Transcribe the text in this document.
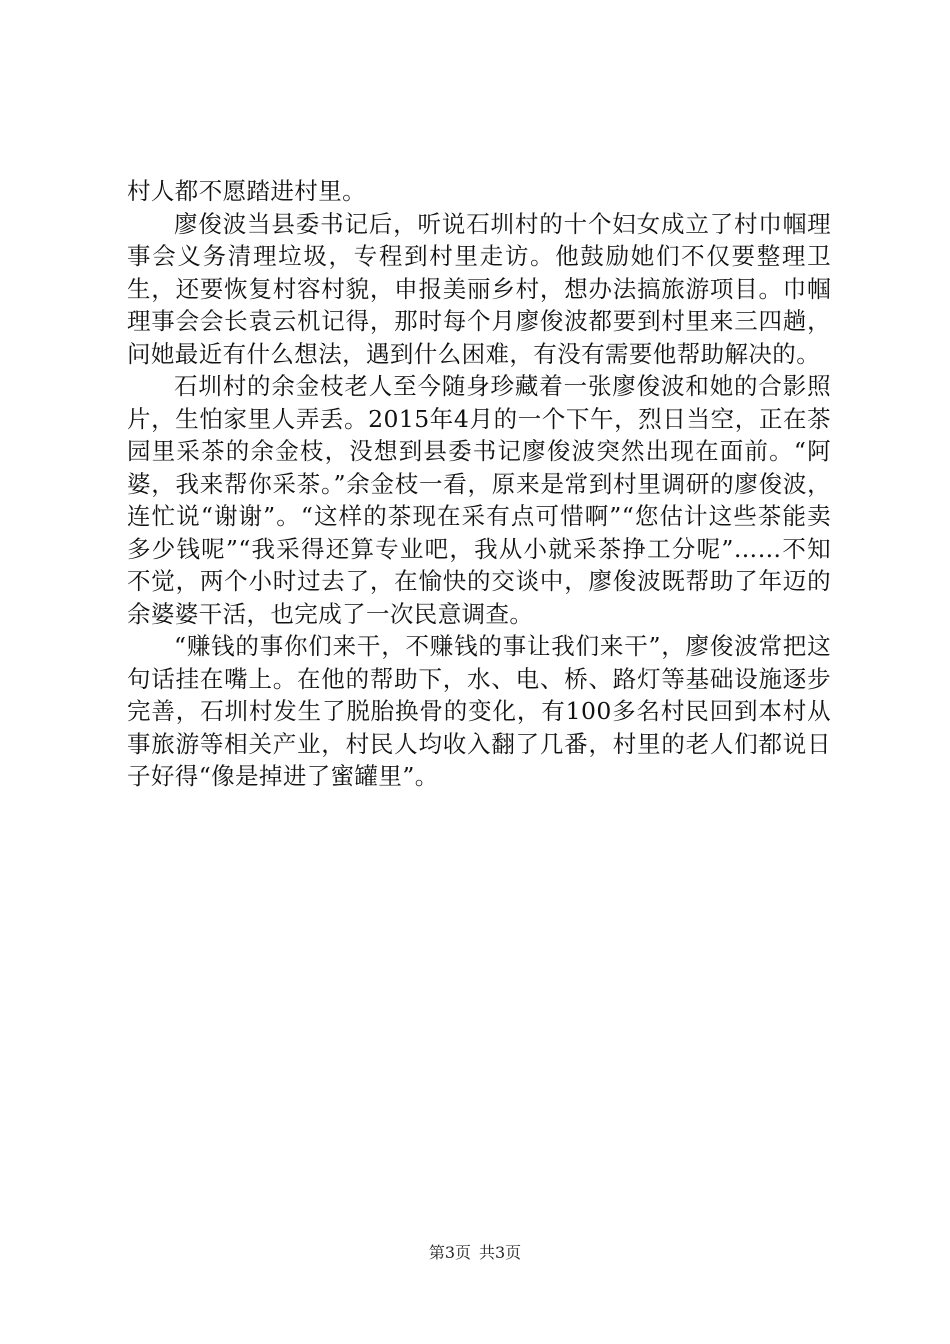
村人都不愿踏进村里。

廖俊波当县委书记后，听说石圳村的十个妇女成立了村巾帼理事会义务清理垃圾，专程到村里走访。他鼓励她们不仅要整理卫生，还要恢复村容村貌，申报美丽乡村，想办法搞旅游项目。巾帼理事会会长袁云机记得，那时每个月廖俊波都要到村里来三四趟，问她最近有什么想法，遇到什么困难，有没有需要他帮助解决的。

石圳村的余金枝老人至今随身珍藏着一张廖俊波和她的合影照片，生怕家里人弄丢。2015年4月的一个下午，烈日当空，正在茶园里采茶的余金枝，没想到县委书记廖俊波突然出现在面前。“阿婆，我来帮你采茶。”余金枝一看，原来是常到村里调研的廖俊波，连忙说“谢谢”。“这样的茶现在采有点可惜啊”“您估计这些茶能卖多少钱呢”“我采得还算专业吧，我从小就采茶挣工分呢”……不知不觉，两个小时过去了，在愉快的交谈中，廖俊波既帮助了年迈的余婆婆干活，也完成了一次民意调查。

“赚钱的事你们来干，不赚钱的事让我们来干”，廖俊波常把这句话挂在嘴上。在他的帮助下，水、电、桥、路灯等基础设施逐步完善，石圳村发生了脱胎换骨的变化，有100多名村民回到本村从事旅游等相关产业，村民人均收入翻了几番，村里的老人们都说日子好得“像是掉进了蜜罐里”。

第3页 共3页
